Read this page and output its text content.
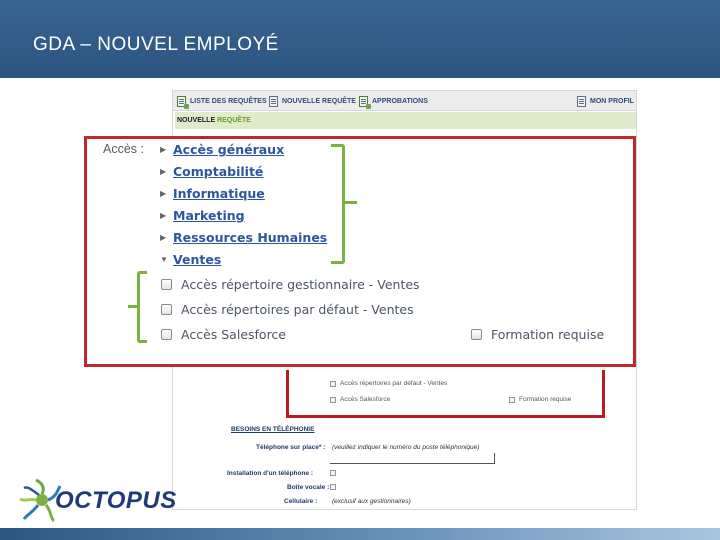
GDA – NOUVEL EMPLOYÉ
LISTE DES REQUÊTES NOUVELLE REQUÊTE APPROBATIONS	MON PROFIL
NOUVELLE REQUÊTE
Accès répertoires par défaut - Ventes
Accès Salesforce	Formation requise
BESOINS EN TÉLÉPHONIE
Téléphone sur place* : (veuillez indiquer le numéro du poste téléphonique)
Installation d'un téléphone :
Boîte vocale :
Cellulaire : (exclusif aux gestionnaires)
Accès : ▶ Accès généraux
▶ Comptabilité
▶ Informatique
▶ Marketing
▶ Ressources Humaines
▼ Ventes
Accès répertoire gestionnaire - Ventes
Accès répertoires par défaut - Ventes
Accès Salesforce	Formation requise
OCTOPUS
